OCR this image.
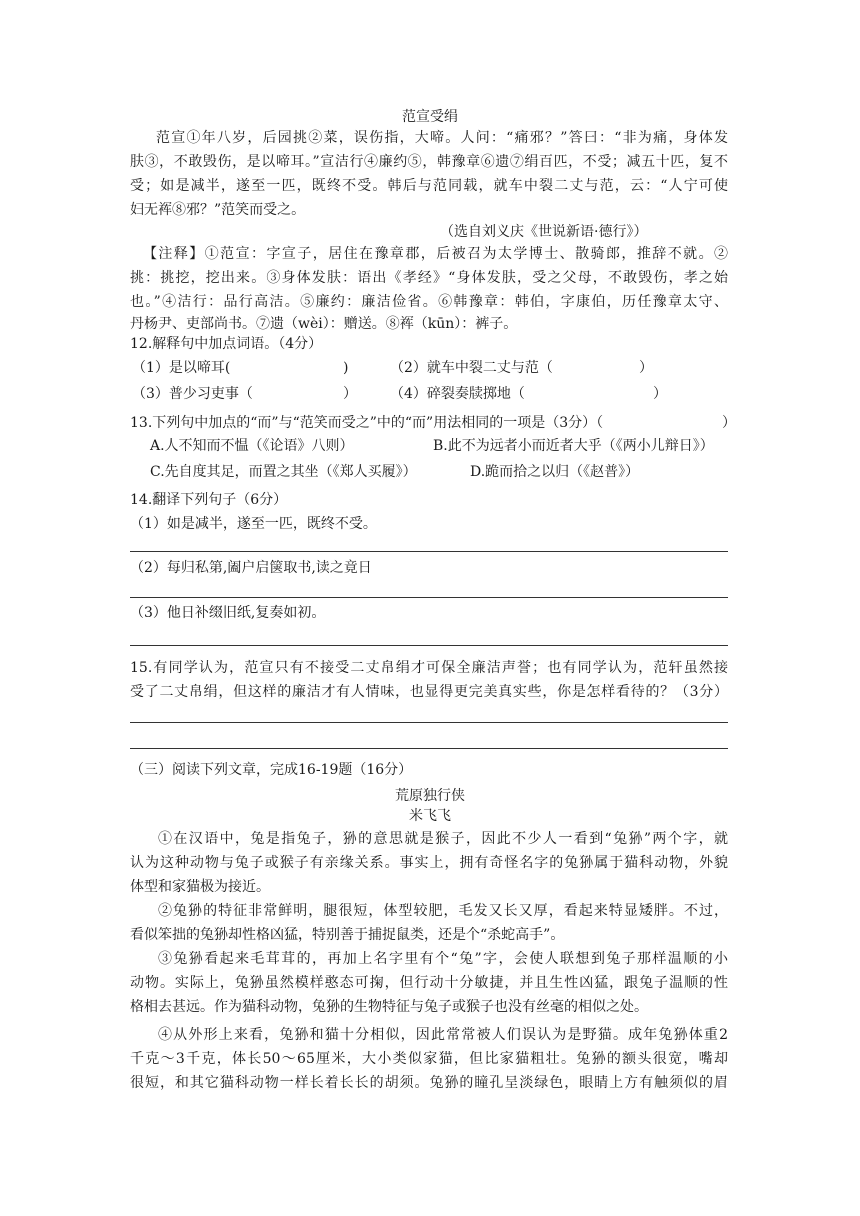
范宣受绢
范宣①年八岁，后园挑②菜，误伤指，大啼。人问：“痛邪？”答曰：“非为痛，身体发
肤③，不敢毁伤，是以啼耳。”宣洁行④廉约⑤，韩豫章⑥遗⑦绢百匹，不受；减五十匹，复不
受；如是减半，遂至一匹，既终不受。韩后与范同载，就车中裂二丈与范，云：“人宁可使
妇无裈⑧邪？”范笑而受之。
（选自刘义庆《世说新语·德行》）
【注释】①范宣：字宣子，居住在豫章郡，后被召为太学博士、散骑郎，推辞不就。②
挑：挑挖，挖出来。③身体发肤：语出《孝经》“身体发肤，受之父母，不敢毁伤，孝之始
也。”④洁行：品行高洁。⑤廉约：廉洁俭省。⑥韩豫章：韩伯，字康伯，历任豫章太守、
丹杨尹、吏部尚书。⑦遗（wèi）：赠送。⑧裈（kūn）：裤子。
12.解释句中加点词语。（4分）
（1）是以啼耳(	)	（2）就车中裂二丈与范（	）
（3）普少习吏事（	） （4）碎裂奏牍掷地（	）
13.下列句中加点的“而”与“范笑而受之”中的“而”用法相同的一项是（3分）（	）
A.人不知而不愠（《论语》八则）	B.此不为远者小而近者大乎（《两小儿辩日》）
C.先自度其足，而置之其坐（《郑人买履》）	D.跪而拾之以归（《赵普》）
14.翻译下列句子（6分）
（1）如是减半，遂至一匹，既终不受。
（2）每归私第,阖户启箧取书,读之竟日
（3）他日补缀旧纸,复奏如初。
15.有同学认为，范宣只有不接受二丈帛绢才可保全廉洁声誉；也有同学认为，范轩虽然接
受了二丈帛绢，但这样的廉洁才有人情味，也显得更完美真实些，你是怎样看待的？（3分）
（三）阅读下列文章，完成16-19题（16分）
荒原独行侠
米飞飞
①在汉语中，兔是指兔子，狲的意思就是猴子，因此不少人一看到“兔狲”两个字，就
认为这种动物与兔子或猴子有亲缘关系。事实上，拥有奇怪名字的兔狲属于猫科动物，外貌
体型和家猫极为接近。
②兔狲的特征非常鲜明，腿很短，体型较肥，毛发又长又厚，看起来特显矮胖。不过，
看似笨拙的兔狲却性格凶猛，特别善于捕捉鼠类，还是个“杀蛇高手”。
③兔狲看起来毛茸茸的，再加上名字里有个“兔”字，会使人联想到兔子那样温顺的小
动物。实际上，兔狲虽然模样憨态可掬，但行动十分敏捷，并且生性凶猛，跟兔子温顺的性
格相去甚远。作为猫科动物，兔狲的生物特征与兔子或猴子也没有丝毫的相似之处。
④从外形上来看，兔狲和猫十分相似，因此常常被人们误认为是野猫。成年兔狲体重2
千克～3千克，体长50～65厘米，大小类似家猫，但比家猫粗壮。兔狲的额头很宽，嘴却
很短，和其它猫科动物一样长着长长的胡须。兔狲的瞳孔呈淡绿色，眼睛上方有触须似的眉
